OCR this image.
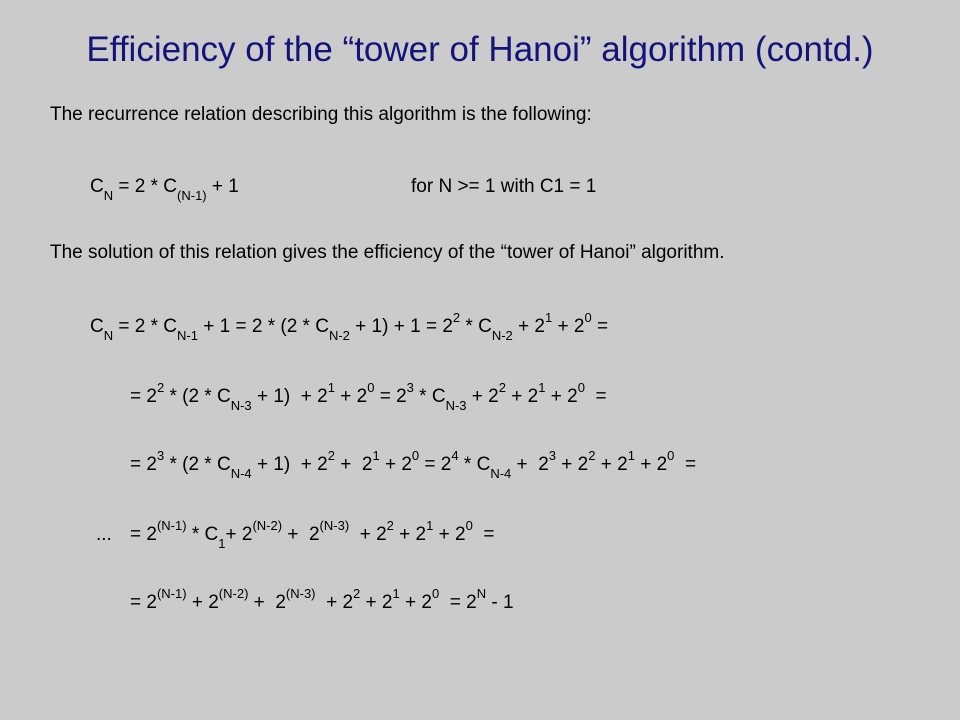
Efficiency of the “tower of Hanoi” algorithm (contd.)
The recurrence relation describing this algorithm is the following:
$C_N = 2 * C_{(N-1)} + 1$	for N >= 1 with C1 = 1
The solution of this relation gives the efficiency of the “tower of Hanoi” algorithm.
$C_N = 2 * C_{N-1} + 1 = 2 * (2 * C_{N-2} + 1) + 1 = 2^2 * C_{N-2} + 2^1 + 2^0$ =
= $2^2 * (2 * C_{N-3} + 1) + 2^1 + 2^0 = 2^3 * C_{N-3} + 2^2 + 2^1 + 2^0$  =
= $2^3 * (2 * C_{N-4} + 1) + 2^2 + 2^1 + 2^0 = 2^4 * C_{N-4} + 2^3 + 2^2 + 2^1 + 2^0$  =
... = $2^{(N-1)} * C_1+ 2^{(N-2)} + 2^{(N-3)} + 2^2 + 2^1 + 2^0$  =
= $2^{(N-1)} + 2^{(N-2)} + 2^{(N-3)} + 2^2 + 2^1 + 2^0 = 2^N - 1$
